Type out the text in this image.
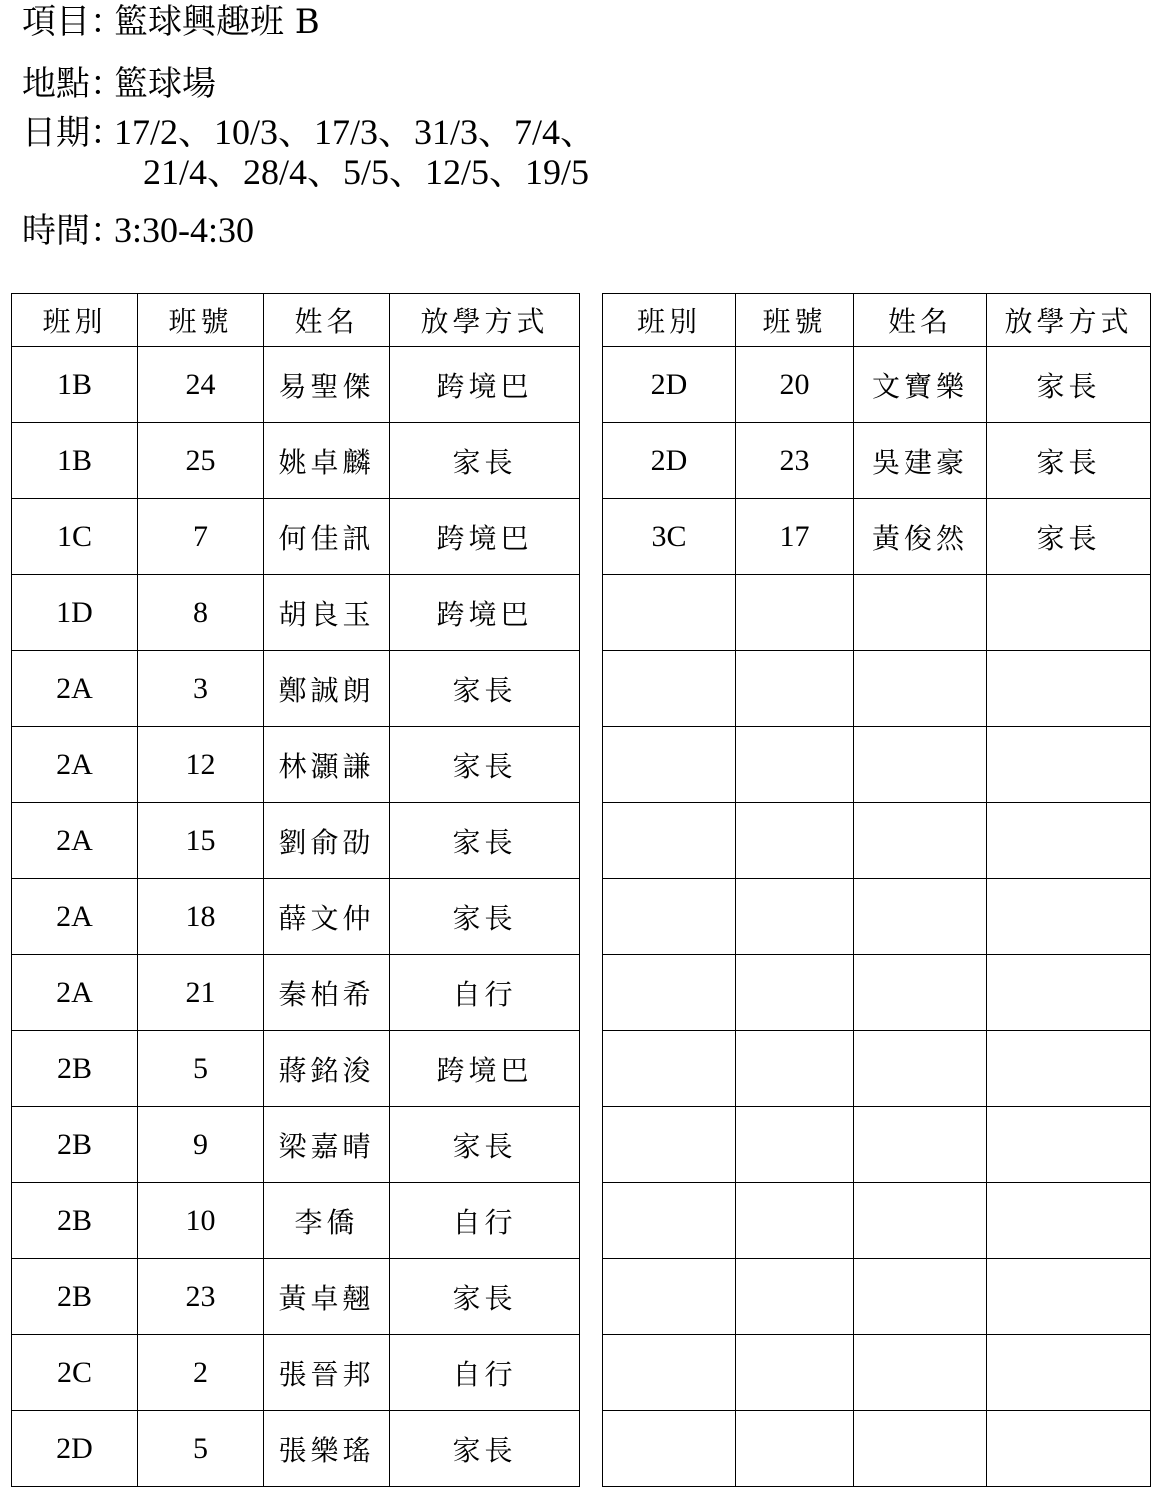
項目：籃球興趣班 B
地點：籃球場
日期：17/2、10/3、17/3、31/3、7/4、
21/4、28/4、5/5、12/5、19/5
時間：3:30-4:30
班別	班號	姓名	放學方式
1B	24	易聖傑	跨境巴
1B	25	姚卓麟	家長
1C	7	何佳訊	跨境巴
1D	8	胡良玉	跨境巴
2A	3	鄭誠朗	家長
2A	12	林灝謙	家長
2A	15	劉俞劭	家長
2A	18	薛文仲	家長
2A	21	秦柏希	自行
2B	5	蔣銘浚	跨境巴
2B	9	梁嘉晴	家長
2B	10	李僑	自行
2B	23	黃卓翹	家長
2C	2	張晉邦	自行
2D	5	張樂瑤	家長
班別	班號	姓名	放學方式
2D	20	文寶樂	家長
2D	23	吳建豪	家長
3C	17	黃俊然	家長
